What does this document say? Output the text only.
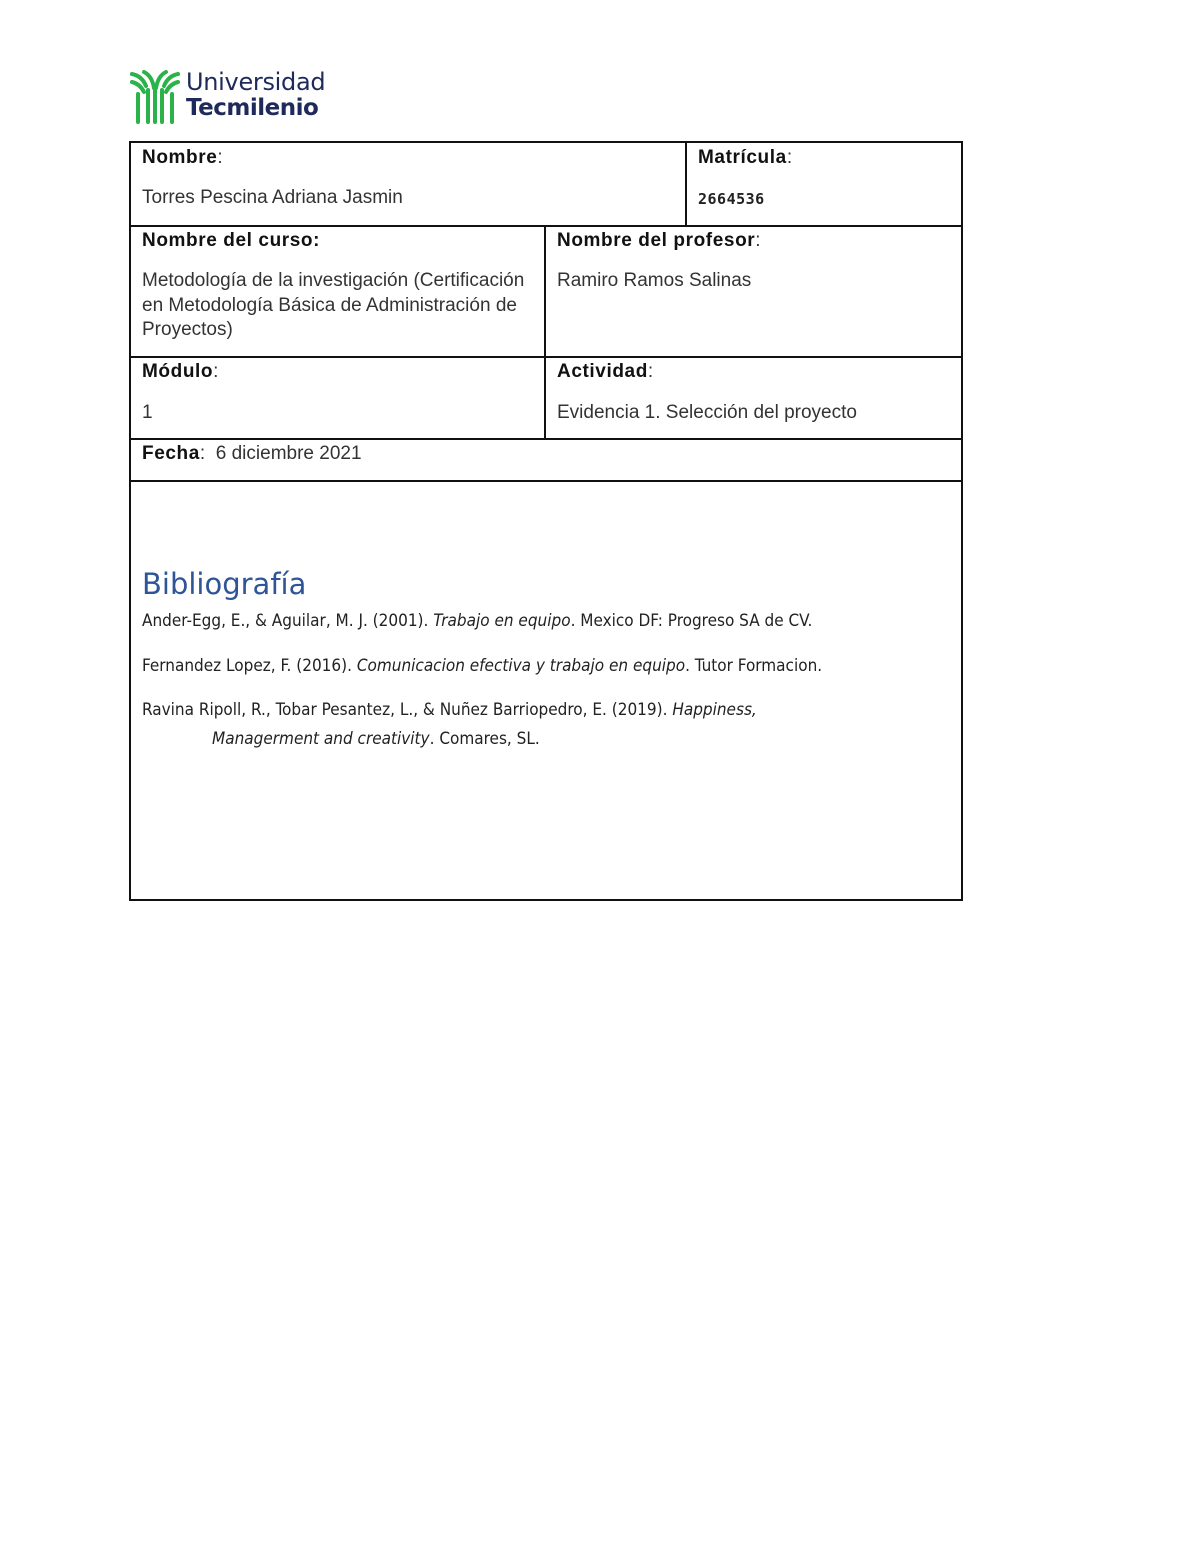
Universidad
Tecmilenio
Nombre:
Torres Pescina Adriana Jasmin
Matrícula:
2664536
Nombre del curso:
Metodología de la investigación (Certificación en Metodología Básica de Administración de Proyectos)
Nombre del profesor:
Ramiro Ramos Salinas
Módulo:
1
Actividad:
Evidencia 1. Selección del proyecto
Fecha: 6 diciembre 2021
Bibliografía
Ander-Egg, E., & Aguilar, M. J. (2001). Trabajo en equipo. Mexico DF: Progreso SA de CV.
Fernandez Lopez, F. (2016). Comunicacion efectiva y trabajo en equipo. Tutor Formacion.
Ravina Ripoll, R., Tobar Pesantez, L., & Nuñez Barriopedro, E. (2019). Happiness,
Managerment and creativity. Comares, SL.
